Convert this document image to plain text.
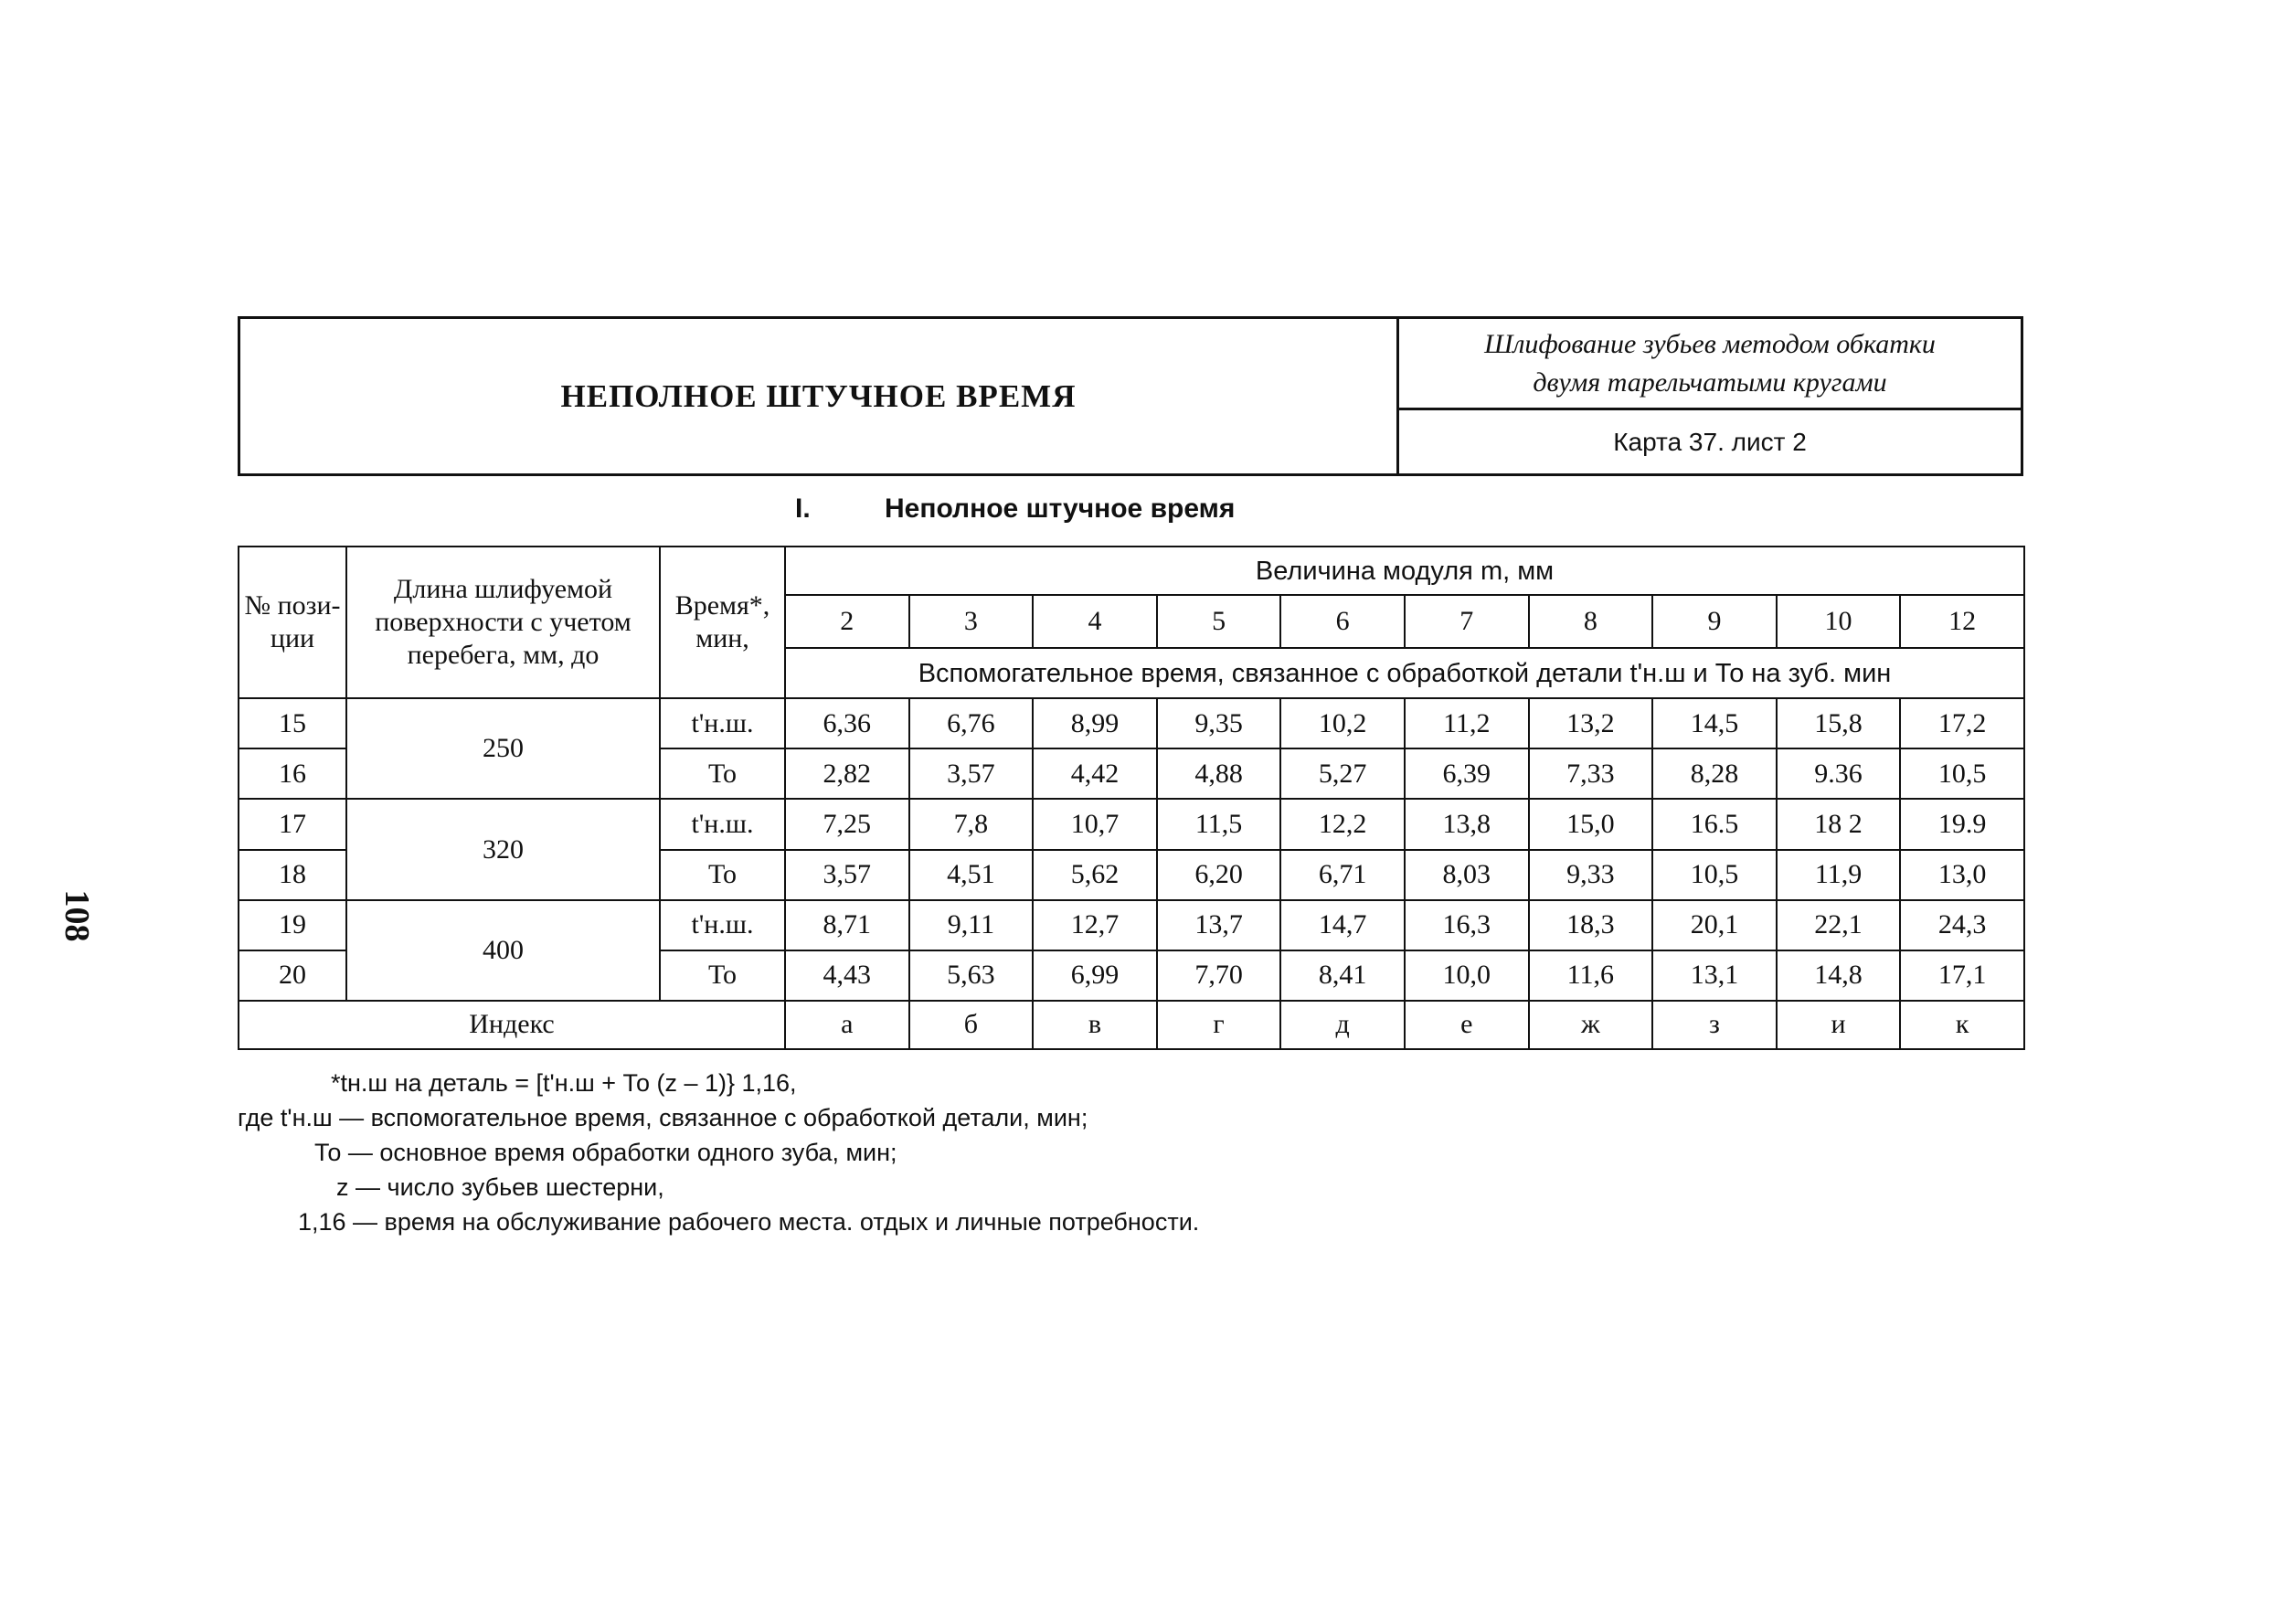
НЕПОЛНОЕ ШТУЧНОЕ ВРЕМЯ
Шлифование зубьев методом обкатки
двумя тарельчатыми кругами
Карта 37. лист 2
I.	Неполное штучное время
№ пози-ции	Длина шлифуемой поверхности с учетом перебега, мм, до	Время*, мин,	Величина модуля m, мм									
			2	3	4	5	6	7	8	9	10	12
			Вспомогательное время, связанное с обработкой детали t'н.ш и То на зуб. мин									
15	250	t'н.ш.	6,36	6,76	8,99	9,35	10,2	11,2	13,2	14,5	15,8	17,2
16		То	2,82	3,57	4,42	4,88	5,27	6,39	7,33	8,28	9.36	10,5
17	320	t'н.ш.	7,25	7,8	10,7	11,5	12,2	13,8	15,0	16.5	18 2	19.9
18		То	3,57	4,51	5,62	6,20	6,71	8,03	9,33	10,5	11,9	13,0
19	400	t'н.ш.	8,71	9,11	12,7	13,7	14,7	16,3	18,3	20,1	22,1	24,3
20		То	4,43	5,63	6,99	7,70	8,41	10,0	11,6	13,1	14,8	17,1
Индекс			а	б	в	г	д	е	ж	з	и	к
*tн.ш на деталь = [t'н.ш + То (z – 1)} 1,16,
где t'н.ш — вспомогательное время, связанное с обработкой детали, мин;
То — основное время обработки одного зуба, мин;
z — число зубьев шестерни,
1,16 — время на обслуживание рабочего места. отдых и личные потребности.
108
